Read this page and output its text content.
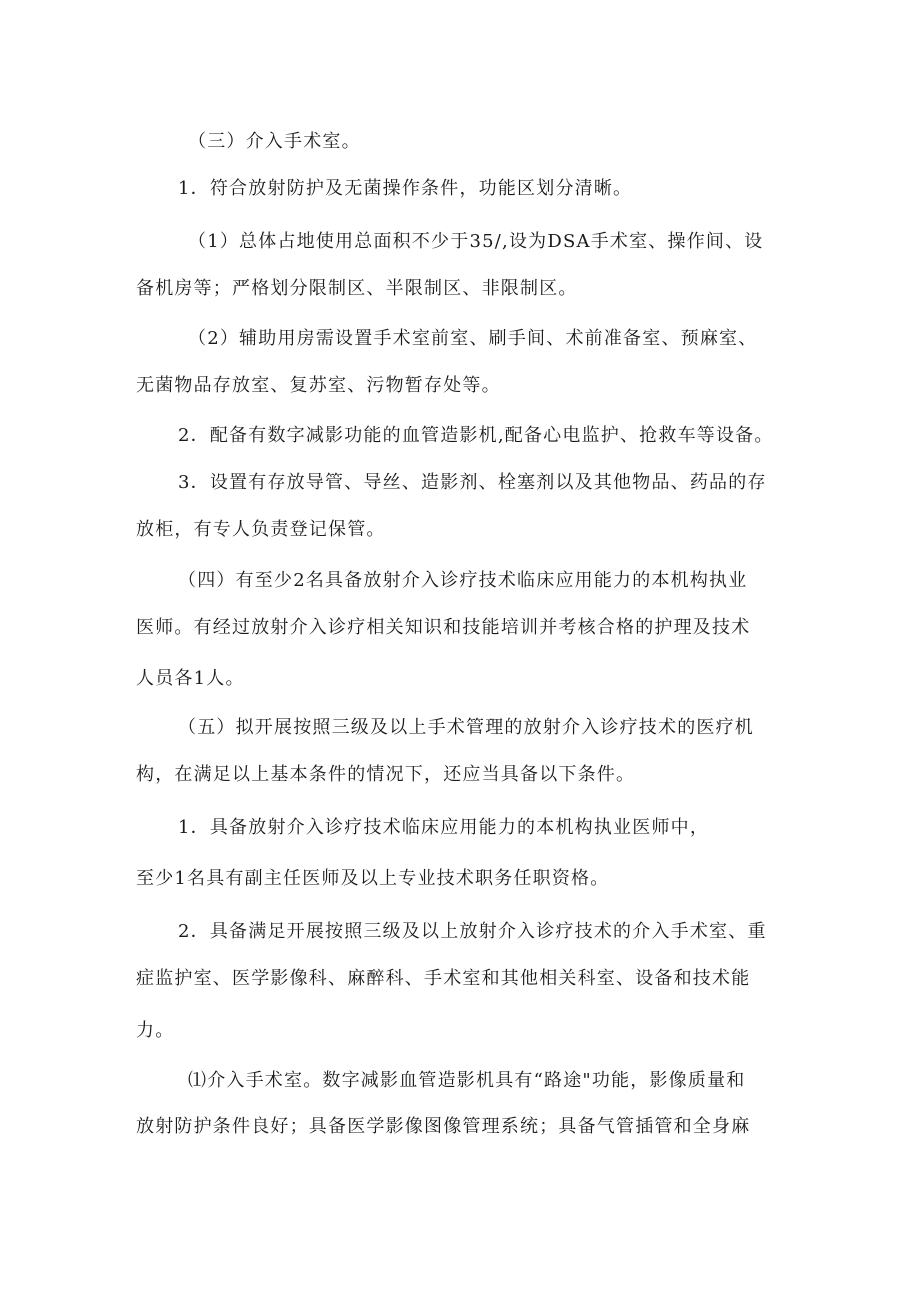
（三）介入手术室。
1．符合放射防护及无菌操作条件，功能区划分清晰。
（1）总体占地使用总面积不少于35/,设为DSA手术室、操作间、设
备机房等；严格划分限制区、半限制区、非限制区。
（2）辅助用房需设置手术室前室、刷手间、术前准备室、预麻室、
无菌物品存放室、复苏室、污物暂存处等。
2．配备有数字减影功能的血管造影机,配备心电监护、抢救车等设备。
3．设置有存放导管、导丝、造影剂、栓塞剂以及其他物品、药品的存
放柜，有专人负责登记保管。
（四）有至少2名具备放射介入诊疗技术临床应用能力的本机构执业
医师。有经过放射介入诊疗相关知识和技能培训并考核合格的护理及技术
人员各1人。
（五）拟开展按照三级及以上手术管理的放射介入诊疗技术的医疗机
构，在满足以上基本条件的情况下，还应当具备以下条件。
1．具备放射介入诊疗技术临床应用能力的本机构执业医师中，
至少1名具有副主任医师及以上专业技术职务任职资格。
2．具备满足开展按照三级及以上放射介入诊疗技术的介入手术室、重
症监护室、医学影像科、麻醉科、手术室和其他相关科室、设备和技术能
力。
⑴介入手术室。数字减影血管造影机具有“路途"功能，影像质量和
放射防护条件良好；具备医学影像图像管理系统；具备气管插管和全身麻
